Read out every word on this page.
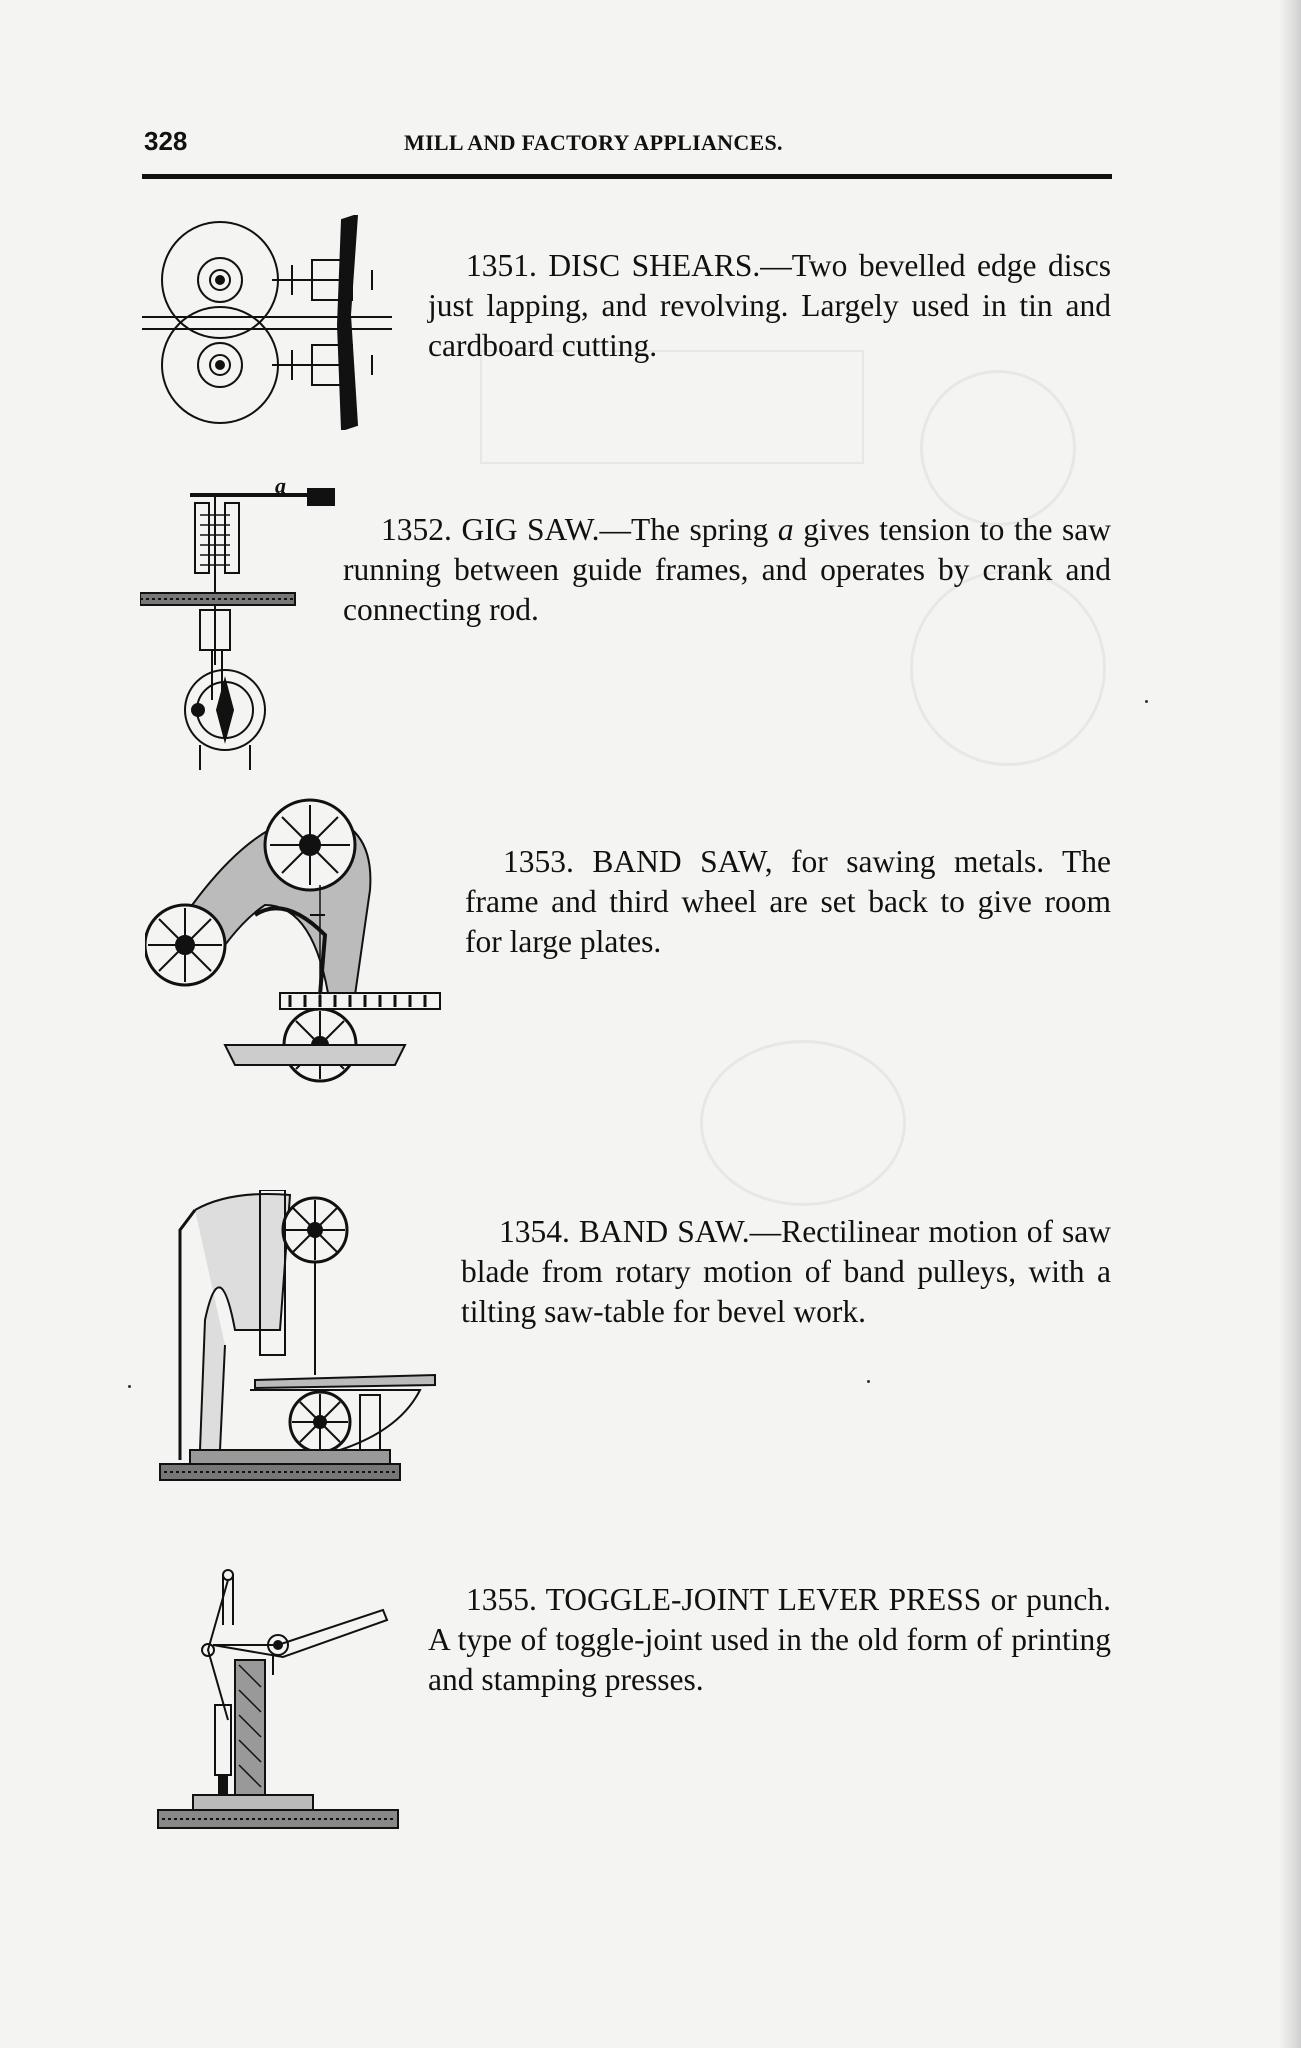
328	MILL AND FACTORY APPLIANCES.

1351. DISC SHEARS.—Two bevelled edge discs just lapping, and revolving. Largely used in tin and cardboard cutting.

a

1352. GIG SAW.—The spring a gives tension to the saw running between guide frames, and operates by crank and connecting rod.

1353. BAND SAW, for sawing metals. The frame and third wheel are set back to give room for large plates.

1354. BAND SAW.—Rectilinear motion of saw blade from rotary motion of band pulleys, with a tilting saw-table for bevel work.

1355. TOGGLE-JOINT LEVER PRESS or punch. A type of toggle-joint used in the old form of printing and stamping presses.
